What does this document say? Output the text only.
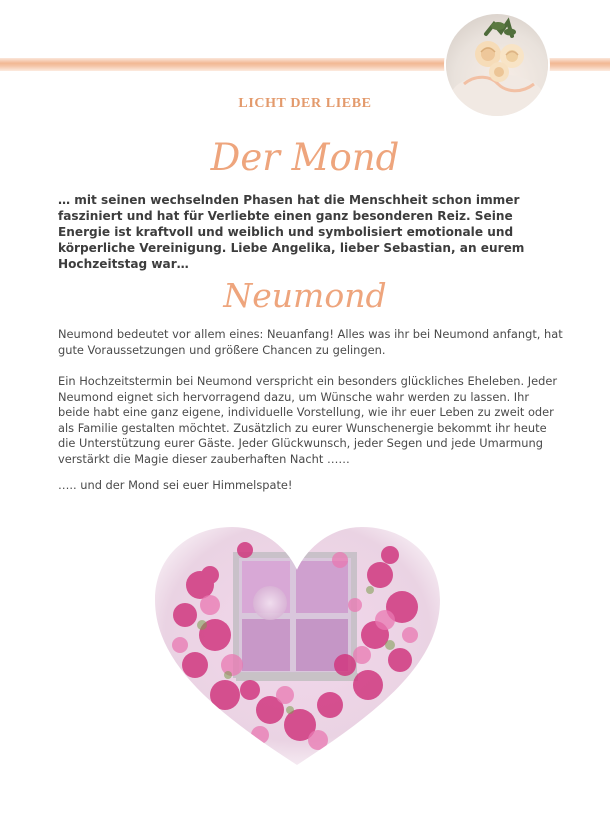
LICHT DER LIEBE
Der Mond

… mit seinen wechselnden Phasen hat die Menschheit schon immer fasziniert und hat für Verliebte einen ganz besonderen Reiz. Seine Energie ist kraftvoll und weiblich und symbolisiert emotionale und körperliche Vereinigung. Liebe Angelika, lieber Sebastian, an eurem Hochzeitstag war…

Neumond

Neumond bedeutet vor allem eines: Neuanfang! Alles was ihr bei Neumond anfangt, hat gute Voraussetzungen und größere Chancen zu gelingen.

Ein Hochzeitstermin bei Neumond verspricht ein besonders glückliches Eheleben. Jeder Neumond eignet sich hervorragend dazu, um Wünsche wahr werden zu lassen. Ihr beide habt eine ganz eigene, individuelle Vorstellung, wie ihr euer Leben zu zweit oder als Familie gestalten möchtet. Zusätzlich zu eurer Wunschenergie bekommt ihr heute die Unterstützung eurer Gäste. Jeder Glückwunsch, jeder Segen und jede Umarmung verstärkt die Magie dieser zauberhaften Nacht ……

….. und der Mond sei euer Himmelspate!
